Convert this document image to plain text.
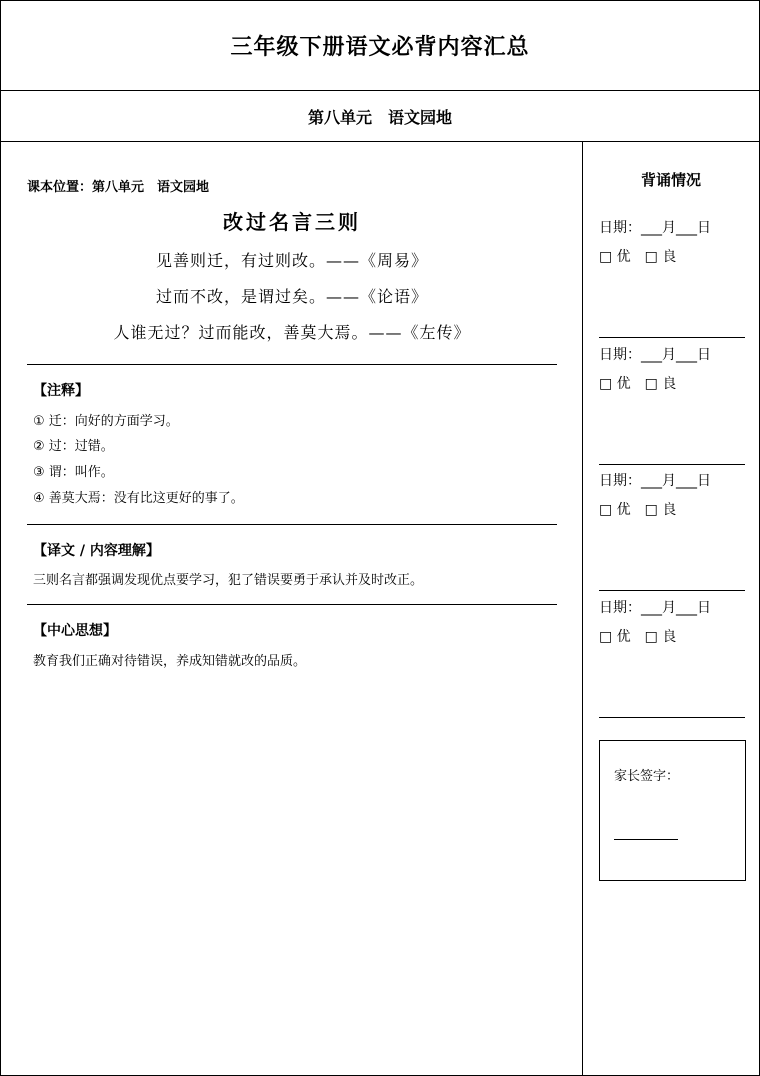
三年级下册语文必背内容汇总
第八单元　语文园地
课本位置：第八单元　语文园地
改过名言三则
见善则迁，有过则改。——《周易》
过而不改，是谓过矣。——《论语》
人谁无过？过而能改，善莫大焉。——《左传》
【注释】
① 迁：向好的方面学习。
② 过：过错。
③ 谓：叫作。
④ 善莫大焉：没有比这更好的事了。
【译文 / 内容理解】
三则名言都强调发现优点要学习，犯了错误要勇于承认并及时改正。
【中心思想】
教育我们正确对待错误，养成知错就改的品质。
背诵情况
日期：___月___日
□ 优　□ 良
日期：___月___日
□ 优　□ 良
日期：___月___日
□ 优　□ 良
日期：___月___日
□ 优　□ 良
家长签字：
